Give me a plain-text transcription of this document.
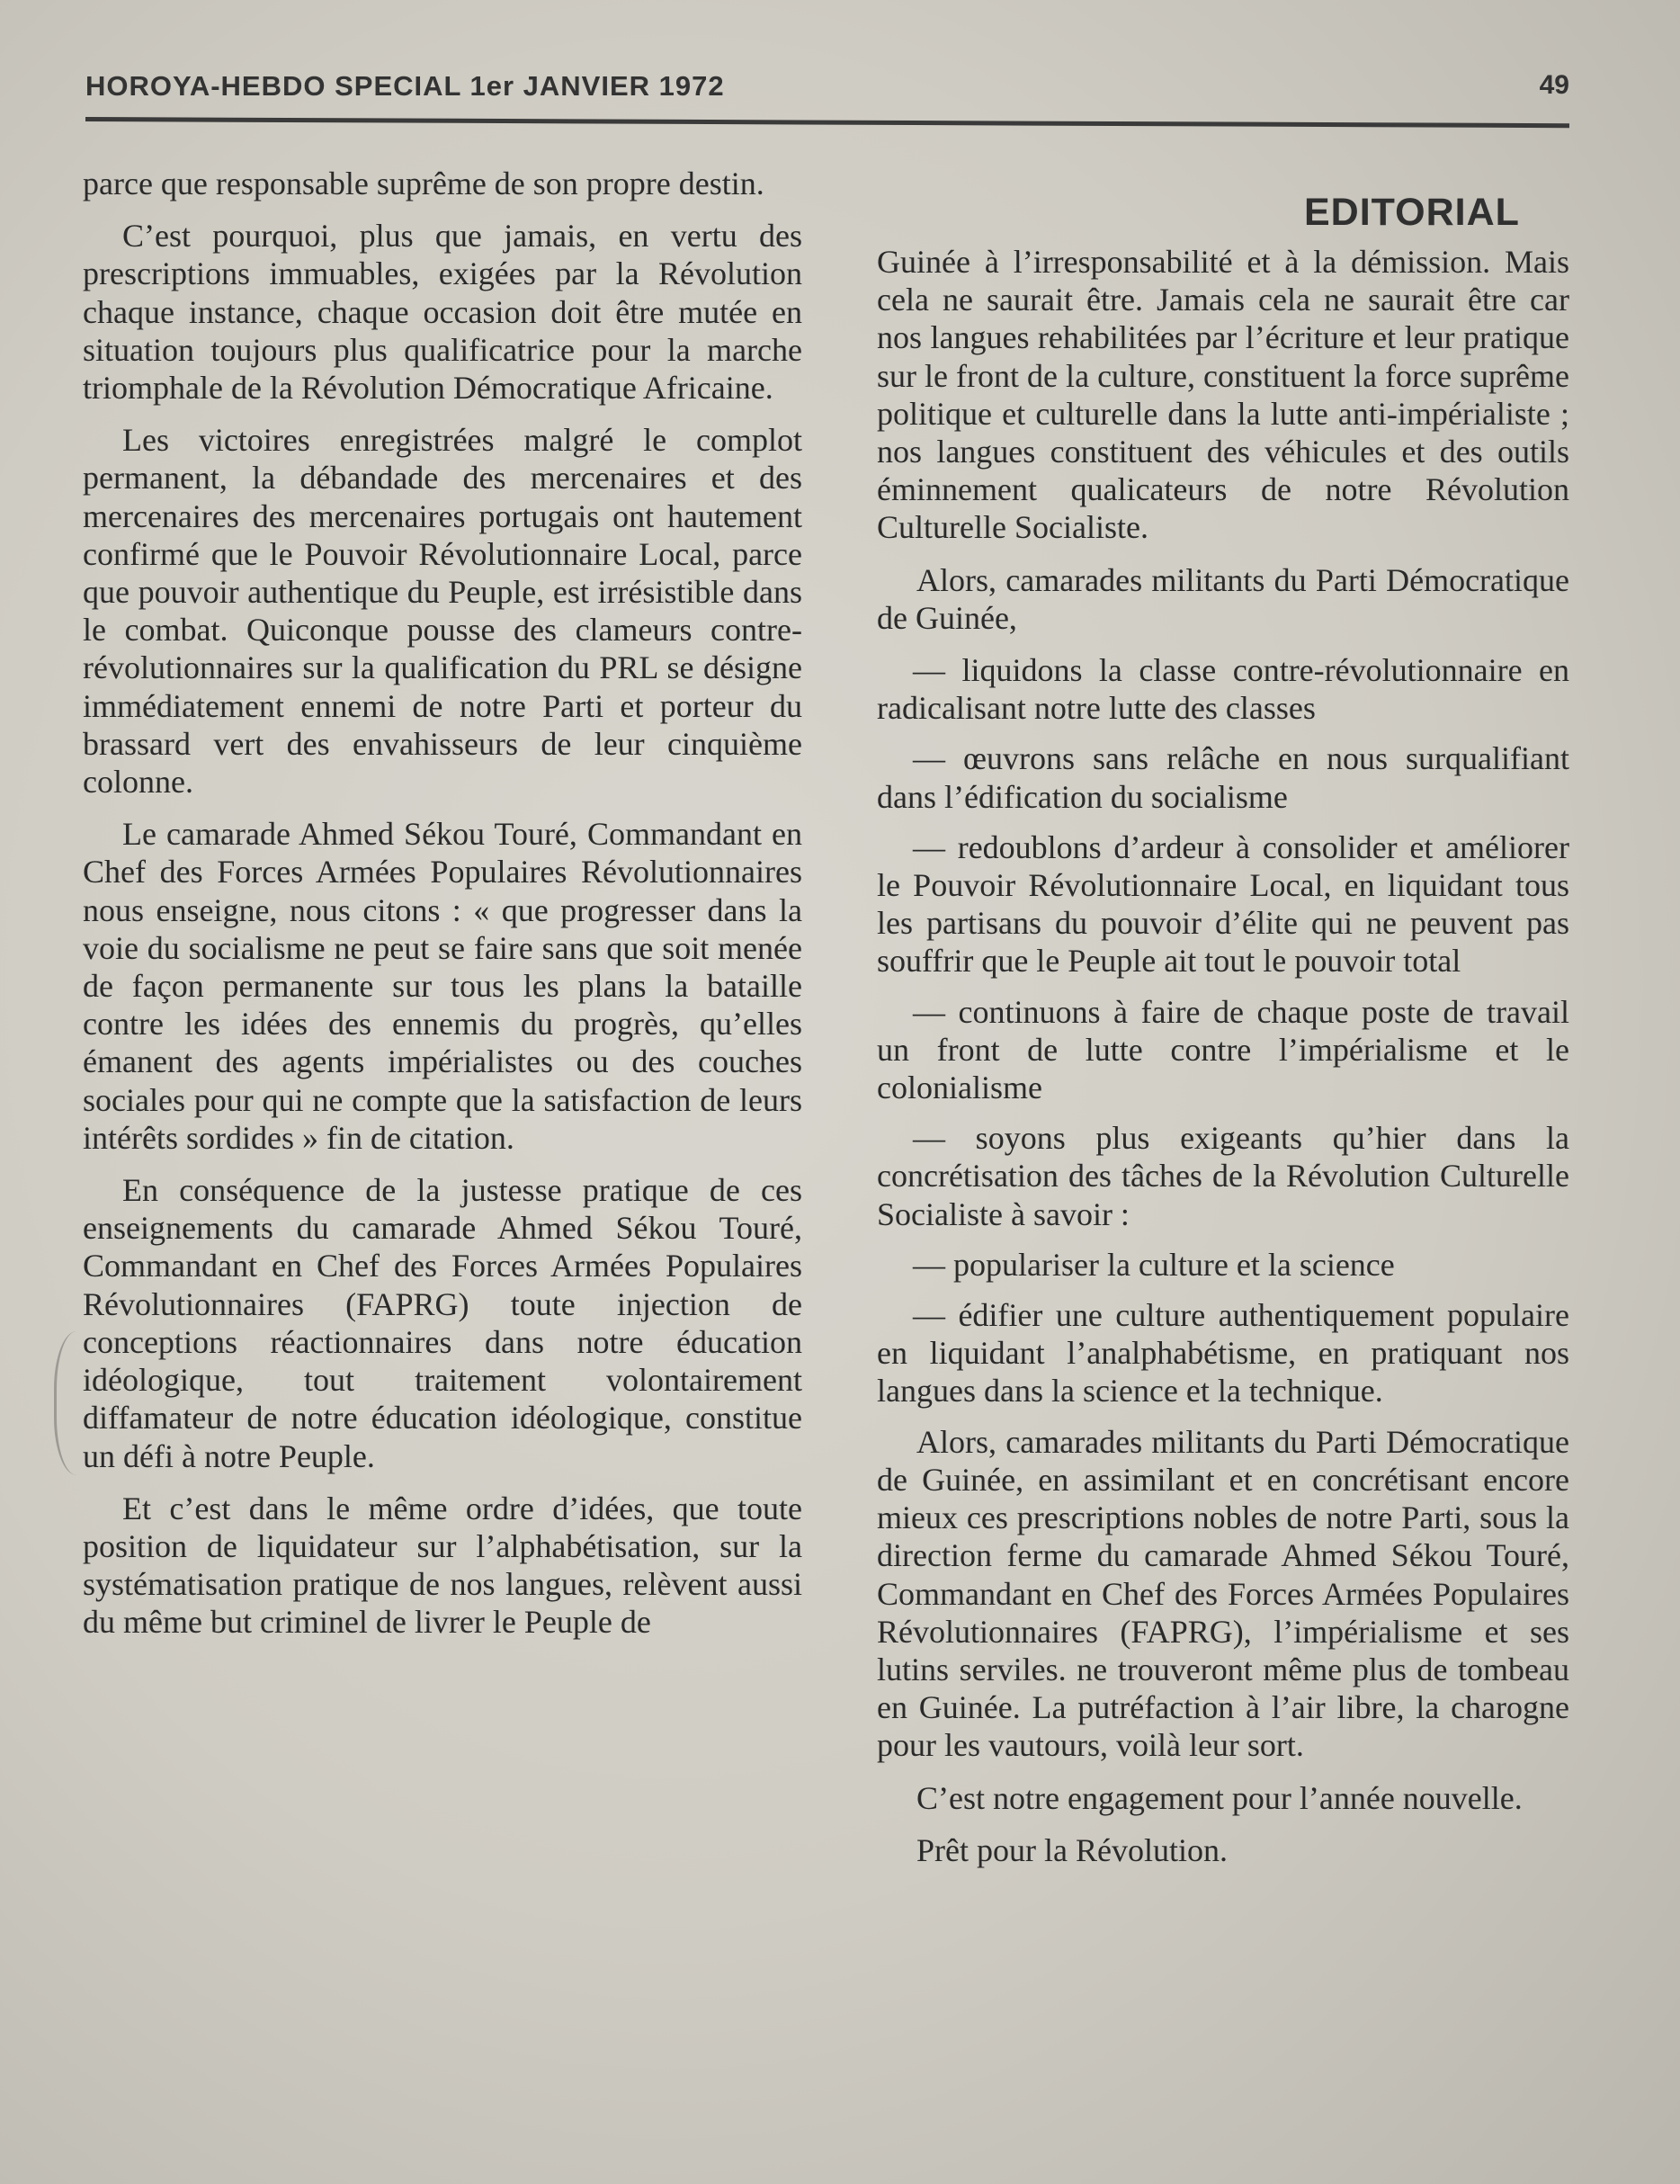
HOROYA-HEBDO SPECIAL 1er JANVIER 1972	49

parce que responsable suprême de son propre destin.

C’est pourquoi, plus que jamais, en vertu des prescriptions immuables, exigées par la Révolution chaque instance, chaque occasion doit être mutée en situation toujours plus qualificatrice pour la marche triomphale de la Révolution Démocratique Africaine.

Les victoires enregistrées malgré le complot permanent, la débandade des mercenaires et des mercenaires des mercenaires portugais ont hautement confirmé que le Pouvoir Révolutionnaire Local, parce que pouvoir authentique du Peuple, est irrésistible dans le combat. Quiconque pousse des clameurs contre-révolutionnaires sur la qualification du PRL se désigne immédiatement ennemi de notre Parti et porteur du brassard vert des envahisseurs de leur cinquième colonne.

Le camarade Ahmed Sékou Touré, Commandant en Chef des Forces Armées Populaires Révolutionnaires nous enseigne, nous citons : « que progresser dans la voie du socialisme ne peut se faire sans que soit menée de façon permanente sur tous les plans la bataille contre les idées des ennemis du progrès, qu’elles émanent des agents impérialistes ou des couches sociales pour qui ne compte que la satisfaction de leurs intérêts sordides » fin de citation.

En conséquence de la justesse pratique de ces enseignements du camarade Ahmed Sékou Touré, Commandant en Chef des Forces Armées Populaires Révolutionnaires (FAPRG) toute injection de conceptions réactionnaires dans notre éducation idéologique, tout traitement volontairement diffamateur de notre éducation idéologique, constitue un défi à notre Peuple.

Et c’est dans le même ordre d’idées, que toute position de liquidateur sur l’alphabétisation, sur la systématisation pratique de nos langues, relèvent aussi du même but criminel de livrer le Peuple de

EDITORIAL

Guinée à l’irresponsabilité et à la démission. Mais cela ne saurait être. Jamais cela ne saurait être car nos langues rehabilitées par l’écriture et leur pratique sur le front de la culture, constituent la force suprême politique et culturelle dans la lutte anti-impérialiste ; nos langues constituent des véhicules et des outils éminnement qualicateurs de notre Révolution Culturelle Socialiste.

Alors, camarades militants du Parti Démocratique de Guinée,

— liquidons la classe contre-révolutionnaire en radicalisant notre lutte des classes

— œuvrons sans relâche en nous surqualifiant dans l’édification du socialisme

— redoublons d’ardeur à consolider et améliorer le Pouvoir Révolutionnaire Local, en liquidant tous les partisans du pouvoir d’élite qui ne peuvent pas souffrir que le Peuple ait tout le pouvoir total

— continuons à faire de chaque poste de travail un front de lutte contre l’impérialisme et le colonialisme

— soyons plus exigeants qu’hier dans la concrétisation des tâches de la Révolution Culturelle Socialiste à savoir :

— populariser la culture et la science

— édifier une culture authentiquement populaire en liquidant l’analphabétisme, en pratiquant nos langues dans la science et la technique.

Alors, camarades militants du Parti Démocratique de Guinée, en assimilant et en concrétisant encore mieux ces prescriptions nobles de notre Parti, sous la direction ferme du camarade Ahmed Sékou Touré, Commandant en Chef des Forces Armées Populaires Révolutionnaires (FAPRG), l’impérialisme et ses lutins serviles. ne trouveront même plus de tombeau en Guinée. La putréfaction à l’air libre, la charogne pour les vautours, voilà leur sort.

C’est notre engagement pour l’année nouvelle.

Prêt pour la Révolution.
